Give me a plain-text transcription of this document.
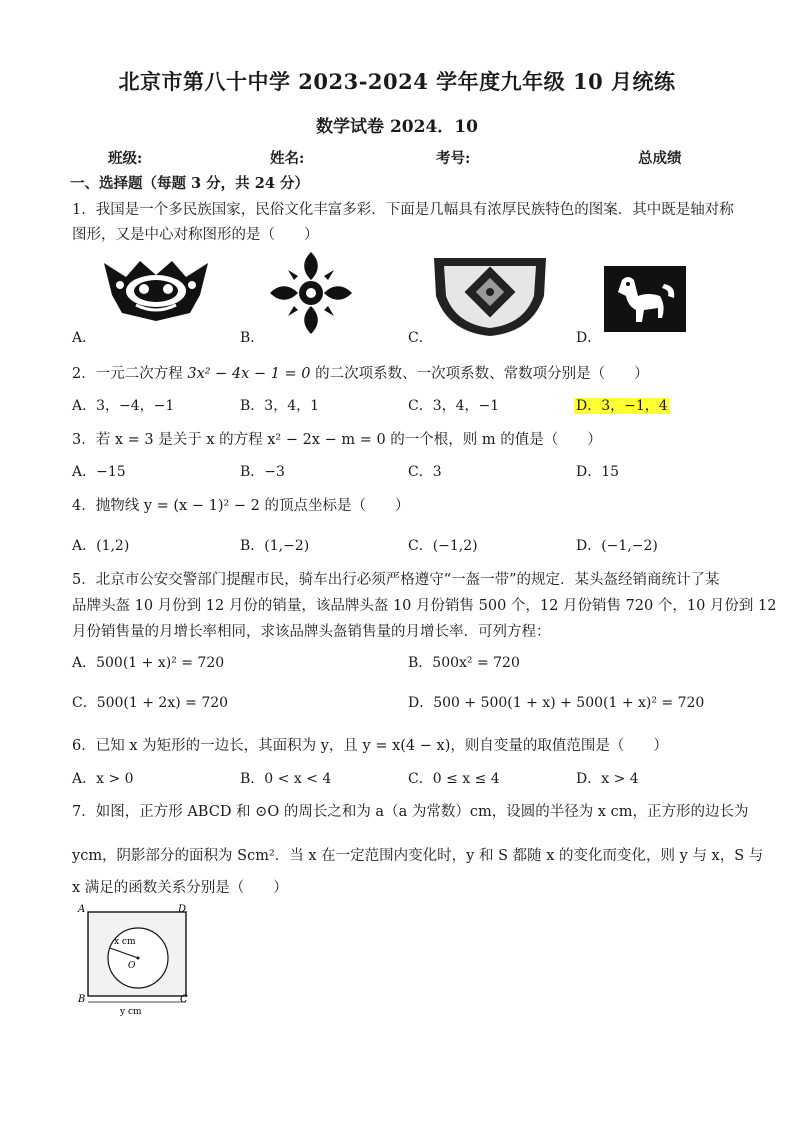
北京市第八十中学 2023-2024 学年度九年级 10 月统练
数学试卷 2024．10
班级:	姓名:	考号:	总成绩
一、选择题（每题 3 分，共 24 分）
1．我国是一个多民族国家，民俗文化丰富多彩．下面是几幅具有浓厚民族特色的图案．其中既是轴对称
图形，又是中心对称图形的是（　　）
A．	B．	C．	D．
2．一元二次方程 3x² − 4x − 1 = 0 的二次项系数、一次项系数、常数项分别是（　　）
A．3，−4，−1	B．3，4，1	C．3，4，−1	D．3，−1，4
3．若 x = 3 是关于 x 的方程 x² − 2x − m = 0 的一个根，则 m 的值是（　　）
A．−15	B．−3	C．3	D．15
4．抛物线 y = (x − 1)² − 2 的顶点坐标是（　　）
A．(1,2)	B．(1,−2)	C．(−1,2)	D．(−1,−2)
5．北京市公安交警部门提醒市民，骑车出行必须严格遵守“一盔一带”的规定．某头盔经销商统计了某
品牌头盔 10 月份到 12 月份的销量，该品牌头盔 10 月份销售 500 个，12 月份销售 720 个，10 月份到 12
月份销售量的月增长率相同，求该品牌头盔销售量的月增长率．可列方程：
A．500(1 + x)² = 720	B．500x² = 720
C．500(1 + 2x) = 720	D．500 + 500(1 + x) + 500(1 + x)² = 720
6．已知 x 为矩形的一边长，其面积为 y，且 y = x(4 − x)，则自变量的取值范围是（　　）
A．x > 0	B．0 < x < 4	C．0 ≤ x ≤ 4	D．x > 4
7．如图，正方形 ABCD 和 ⊙O 的周长之和为 a（a 为常数）cm，设圆的半径为 x cm，正方形的边长为
ycm，阴影部分的面积为 Scm²．当 x 在一定范围内变化时，y 和 S 都随 x 的变化而变化，则 y 与 x，S 与
x 满足的函数关系分别是（　　）
A	D
B	C
x cm
O
y cm
